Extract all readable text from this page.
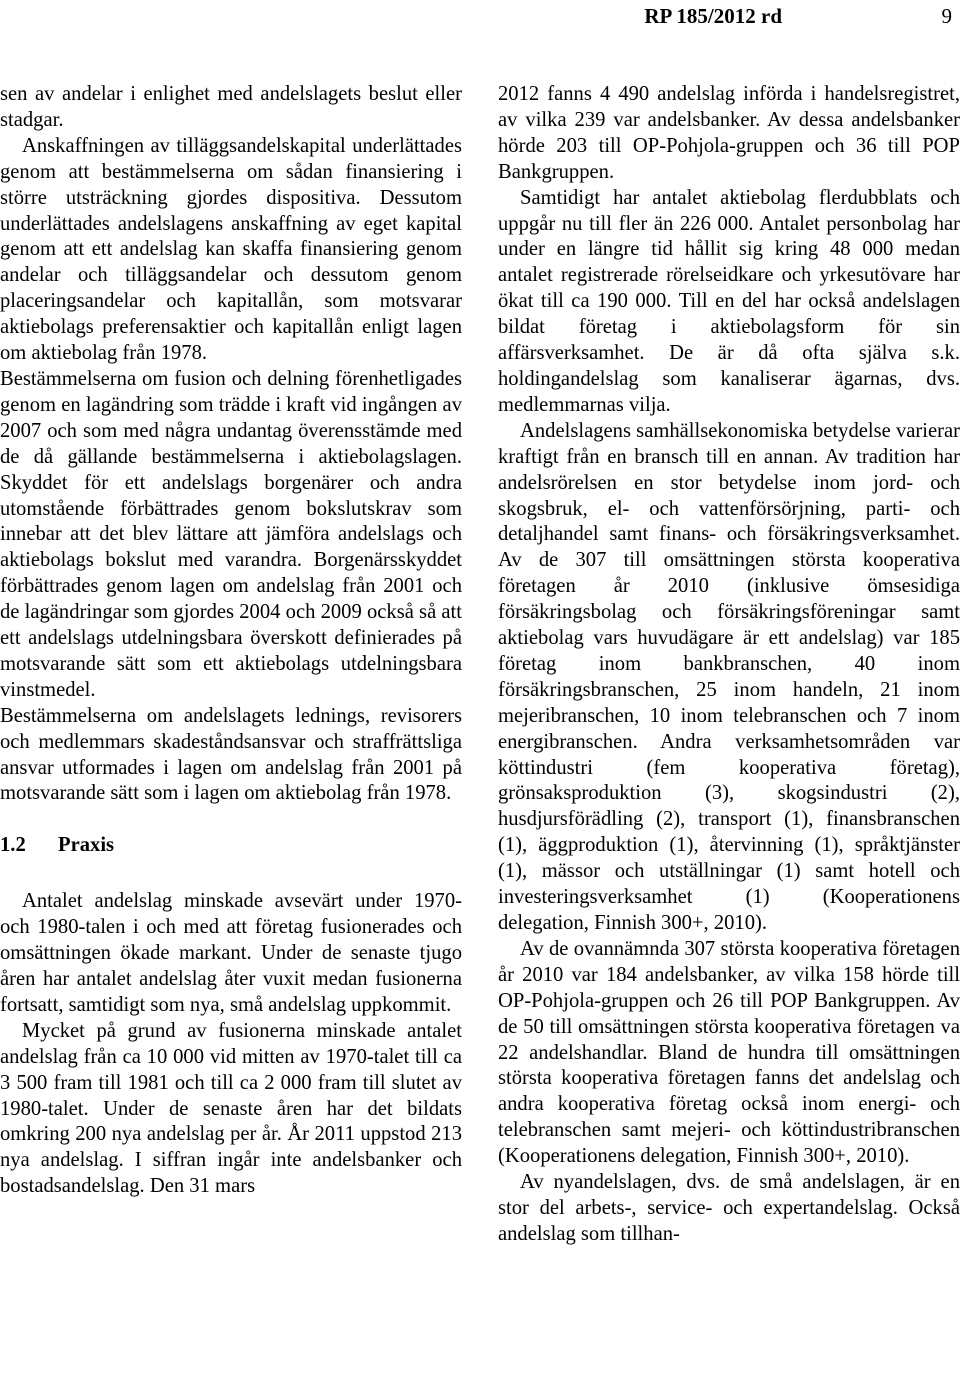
RP 185/2012 rd	9

sen av andelar i enlighet med andelslagets beslut eller stadgar.

Anskaffningen av tilläggsandelskapital underlättades genom att bestämmelserna om sådan finansiering i större utsträckning gjordes dispositiva. Dessutom underlättades andelslagens anskaffning av eget kapital genom att ett andelslag kan skaffa finansiering genom andelar och tilläggsandelar och dessutom genom placeringsandelar och kapitallån, som motsvarar aktiebolags preferensaktier och kapitallån enligt lagen om aktiebolag från 1978.

Bestämmelserna om fusion och delning förenhetligades genom en lagändring som trädde i kraft vid ingången av 2007 och som med några undantag överensstämde med de då gällande bestämmelserna i aktiebolagslagen. Skyddet för ett andelslags borgenärer och andra utomstående förbättrades genom bokslutskrav som innebar att det blev lättare att jämföra andelslags och aktiebolags bokslut med varandra. Borgenärsskyddet förbättrades genom lagen om andelslag från 2001 och de lagändringar som gjordes 2004 och 2009 också så att ett andelslags utdelningsbara överskott definierades på motsvarande sätt som ett aktiebolags utdelningsbara vinstmedel.

Bestämmelserna om andelslagets lednings, revisorers och medlemmars skadeståndsansvar och straffrättsliga ansvar utformades i lagen om andelslag från 2001 på motsvarande sätt som i lagen om aktiebolag från 1978.

1.2 Praxis

Antalet andelslag minskade avsevärt under 1970- och 1980-talen i och med att företag fusionerades och omsättningen ökade markant. Under de senaste tjugo åren har antalet andelslag åter vuxit medan fusionerna fortsatt, samtidigt som nya, små andelslag uppkommit.

Mycket på grund av fusionerna minskade antalet andelslag från ca 10 000 vid mitten av 1970-talet till ca 3 500 fram till 1981 och till ca 2 000 fram till slutet av 1980-talet. Under de senaste åren har det bildats omkring 200 nya andelslag per år. År 2011 uppstod 213 nya andelslag. I siffran ingår inte andelsbanker och bostadsandelslag. Den 31 mars

2012 fanns 4 490 andelslag införda i handelsregistret, av vilka 239 var andelsbanker. Av dessa andelsbanker hörde 203 till OP-Pohjola-gruppen och 36 till POP Bankgruppen.

Samtidigt har antalet aktiebolag flerdubblats och uppgår nu till fler än 226 000. Antalet personbolag har under en längre tid hållit sig kring 48 000 medan antalet registrerade rörelseidkare och yrkesutövare har ökat till ca 190 000. Till en del har också andelslagen bildat företag i aktiebolagsform för sin affärsverksamhet. De är då ofta själva s.k. holdingandelslag som kanaliserar ägarnas, dvs. medlemmarnas vilja.

Andelslagens samhällsekonomiska betydelse varierar kraftigt från en bransch till en annan. Av tradition har andelsrörelsen en stor betydelse inom jord- och skogsbruk, el- och vattenförsörjning, parti- och detaljhandel samt finans- och försäkringsverksamhet. Av de 307 till omsättningen största kooperativa företagen år 2010 (inklusive ömsesidiga försäkringsbolag och försäkringsföreningar samt aktiebolag vars huvudägare är ett andelslag) var 185 företag inom bankbranschen, 40 inom försäkringsbranschen, 25 inom handeln, 21 inom mejeribranschen, 10 inom telebranschen och 7 inom energibranschen. Andra verksamhetsområden var köttindustri (fem kooperativa företag), grönsaksproduktion (3), skogsindustri (2), husdjursförädling (2), transport (1), finansbranschen (1), äggproduktion (1), återvinning (1), språktjänster (1), mässor och utställningar (1) samt hotell och investeringsverksamhet (1) (Kooperationens delegation, Finnish 300+, 2010).

Av de ovannämnda 307 största kooperativa företagen år 2010 var 184 andelsbanker, av vilka 158 hörde till OP-Pohjola-gruppen och 26 till POP Bankgruppen. Av de 50 till omsättningen största kooperativa företagen va 22 andelshandlar. Bland de hundra till omsättningen största kooperativa företagen fanns det andelslag och andra kooperativa företag också inom energi- och telebranschen samt mejeri- och köttindustribranschen (Kooperationens delegation, Finnish 300+, 2010).

Av nyandelslagen, dvs. de små andelslagen, är en stor del arbets-, service- och expertandelslag. Också andelslag som tillhan-
